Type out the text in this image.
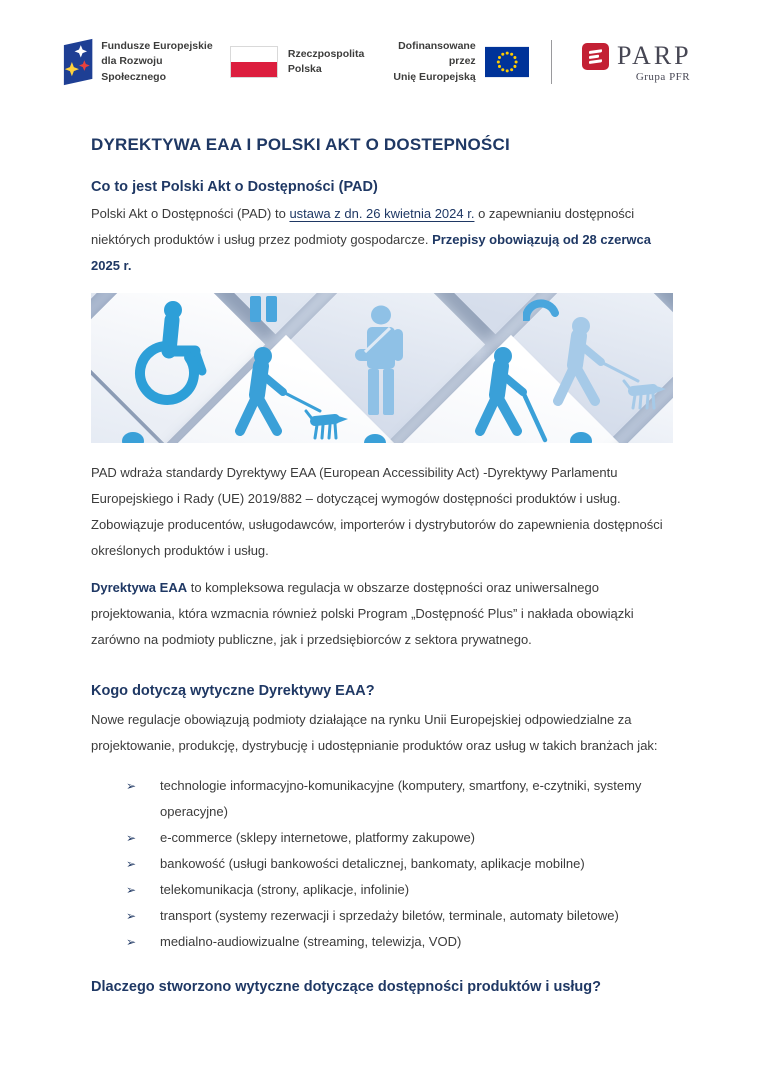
Fundusze Europejskie
dla Rozwoju Społecznego
Rzeczpospolita
Polska
Dofinansowane przez
Unię Europejską
PARP
Grupa PFR
DYREKTYWA EAA I POLSKI AKT O DOSTEPNOŚCI
Co to jest Polski Akt o Dostępności (PAD)

Polski Akt o Dostępności (PAD) to ustawa z dn. 26 kwietnia 2024 r. o zapewnianiu dostępności niektórych produktów i usług przez podmioty gospodarcze. Przepisy obowiązują od 28 czerwca 2025 r.

PAD wdraża standardy Dyrektywy EAA (European Accessibility Act) -Dyrektywy Parlamentu Europejskiego i Rady (UE) 2019/882 – dotyczącej wymogów dostępności produktów i usług. Zobowiązuje producentów, usługodawców, importerów i dystrybutorów do zapewnienia dostępności określonych produktów i usług.

Dyrektywa EAA to kompleksowa regulacja w obszarze dostępności oraz uniwersalnego projektowania, która wzmacnia również polski Program „Dostępność Plus” i nakłada obowiązki zarówno na podmioty publiczne, jak i przedsiębiorców z sektora prywatnego.

Kogo dotyczą wytyczne Dyrektywy EAA?

Nowe regulacje obowiązują podmioty działające na rynku Unii Europejskiej odpowiedzialne za projektowanie, produkcję, dystrybucję i udostępnianie produktów oraz usług w takich branżach jak:

➢ technologie informacyjno-komunikacyjne (komputery, smartfony, e-czytniki, systemy operacyjne)
➢ e-commerce (sklepy internetowe, platformy zakupowe)
➢ bankowość (usługi bankowości detalicznej, bankomaty, aplikacje mobilne)
➢ telekomunikacja (strony, aplikacje, infolinie)
➢ transport (systemy rezerwacji i sprzedaży biletów, terminale, automaty biletowe)
➢ medialno-audiowizualne (streaming, telewizja, VOD)
Dlaczego stworzono wytyczne dotyczące dostępności produktów i usług?
